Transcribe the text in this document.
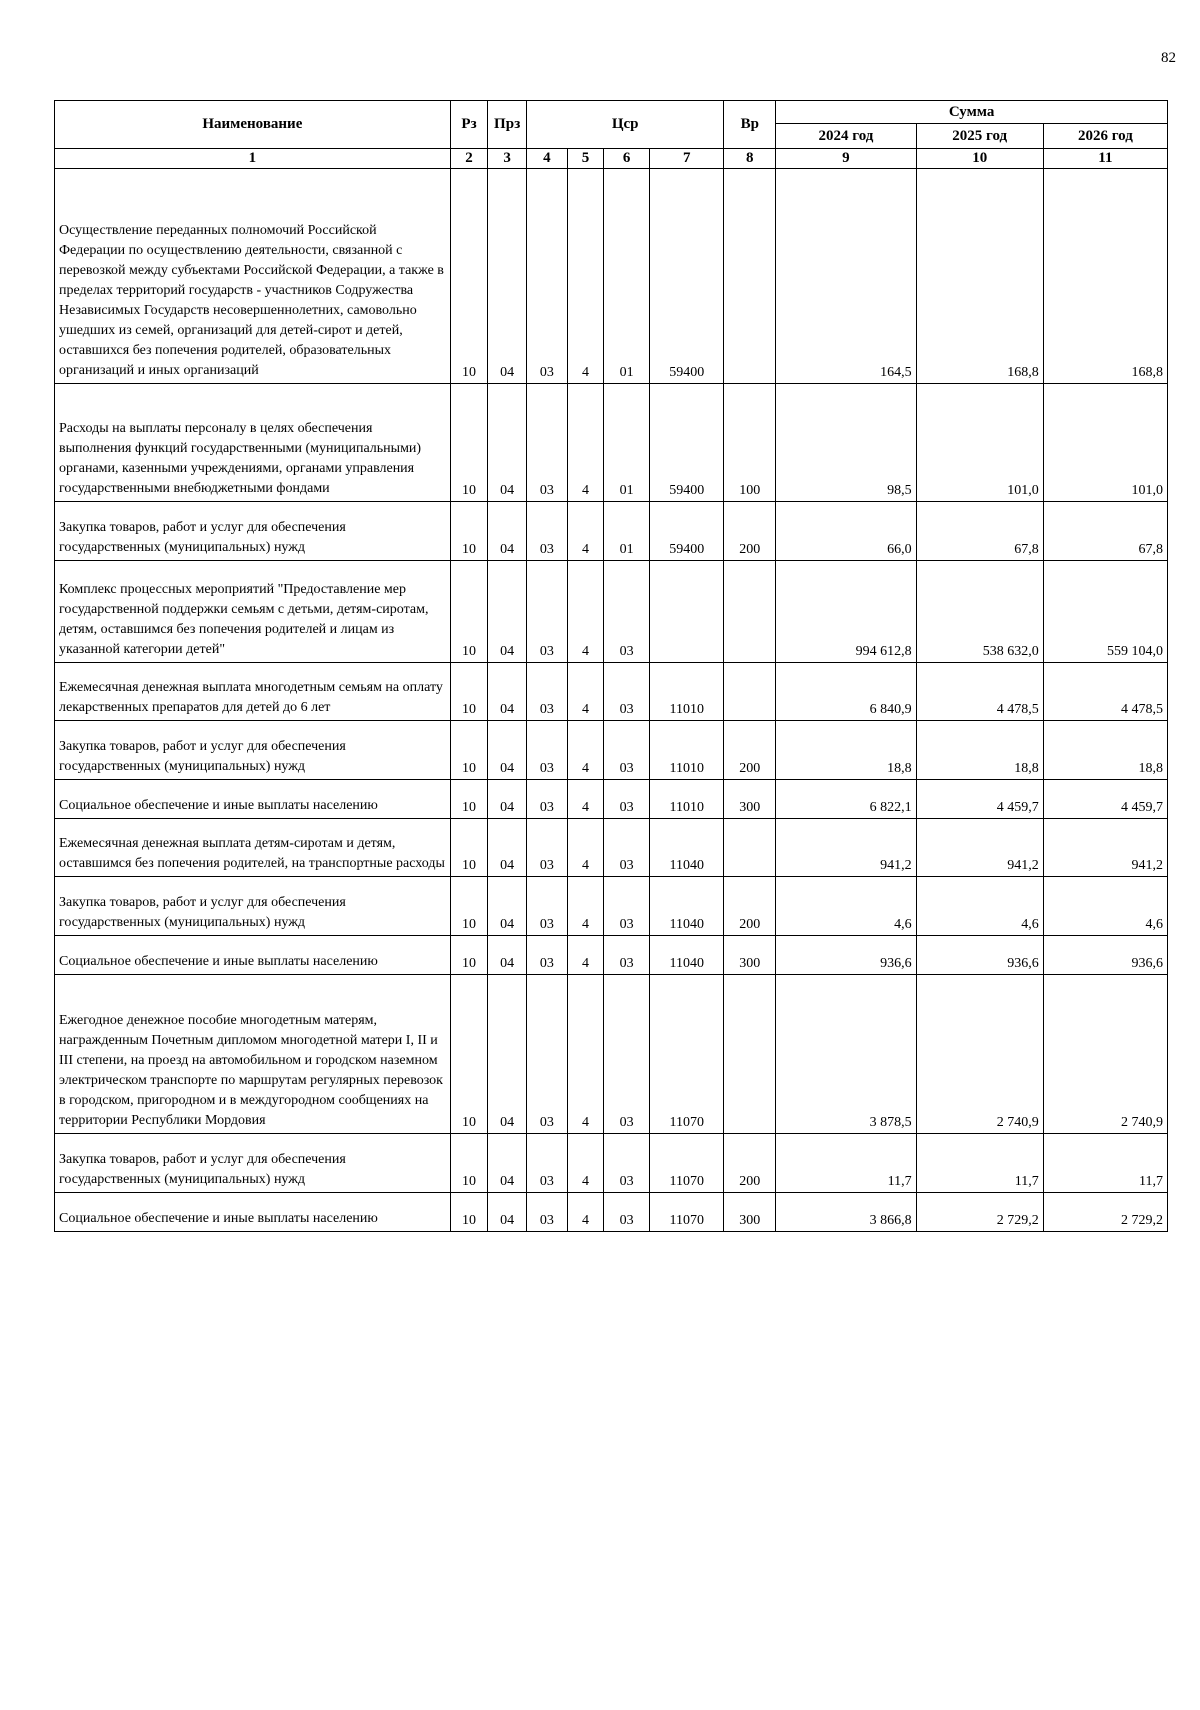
82
Наименование	Рз	Прз	Цср				Вр	Сумма		
								2024 год	2025 год	2026 год
1	2	3	4	5	6	7	8	9	10	11
Осуществление переданных полномочий Российской Федерации по осуществлению деятельности, связанной с перевозкой между субъектами Российской Федерации, а также в пределах территорий государств - участников Содружества Независимых Государств несовершеннолетних, самовольно ушедших из семей, организаций для детей-сирот и детей, оставшихся без попечения родителей, образовательных организаций и иных организаций	10	04	03	4	01	59400		164,5	168,8	168,8
Расходы на выплаты персоналу в целях обеспечения выполнения функций государственными (муниципальными) органами, казенными учреждениями, органами управления государственными внебюджетными фондами	10	04	03	4	01	59400	100	98,5	101,0	101,0
Закупка товаров, работ и услуг для обеспечения государственных (муниципальных) нужд	10	04	03	4	01	59400	200	66,0	67,8	67,8
Комплекс процессных мероприятий "Предоставление мер государственной поддержки семьям с детьми, детям-сиротам, детям, оставшимся без попечения родителей и лицам из указанной категории детей"	10	04	03	4	03			994 612,8	538 632,0	559 104,0
Ежемесячная денежная выплата многодетным семьям на оплату лекарственных препаратов для детей до 6 лет	10	04	03	4	03	11010		6 840,9	4 478,5	4 478,5
Закупка товаров, работ и услуг для обеспечения государственных (муниципальных) нужд	10	04	03	4	03	11010	200	18,8	18,8	18,8
Социальное обеспечение и иные выплаты населению	10	04	03	4	03	11010	300	6 822,1	4 459,7	4 459,7
Ежемесячная денежная выплата детям-сиротам и детям, оставшимся без попечения родителей, на транспортные расходы	10	04	03	4	03	11040		941,2	941,2	941,2
Закупка товаров, работ и услуг для обеспечения государственных (муниципальных) нужд	10	04	03	4	03	11040	200	4,6	4,6	4,6
Социальное обеспечение и иные выплаты населению	10	04	03	4	03	11040	300	936,6	936,6	936,6
Ежегодное денежное пособие многодетным матерям, награжденным Почетным дипломом многодетной матери I, II и III степени, на проезд на автомобильном и городском наземном электрическом транспорте по маршрутам регулярных перевозок в городском, пригородном и в междугородном сообщениях на территории Республики Мордовия	10	04	03	4	03	11070		3 878,5	2 740,9	2 740,9
Закупка товаров, работ и услуг для обеспечения государственных (муниципальных) нужд	10	04	03	4	03	11070	200	11,7	11,7	11,7
Социальное обеспечение и иные выплаты населению	10	04	03	4	03	11070	300	3 866,8	2 729,2	2 729,2
